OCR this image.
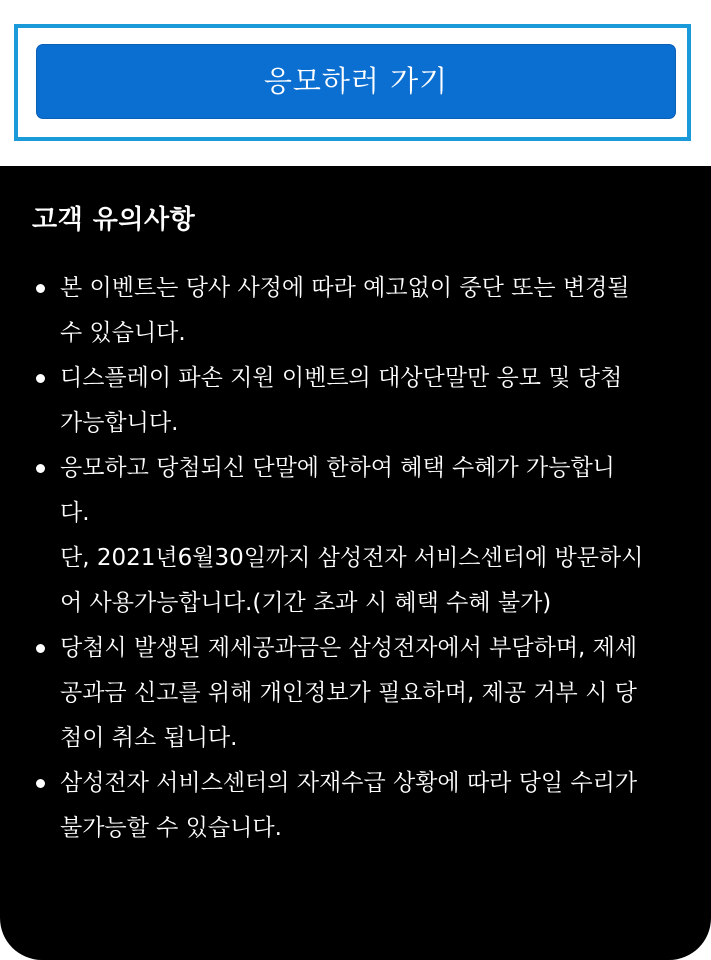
응모하러 가기
고객 유의사항
본 이벤트는 당사 사정에 따라 예고없이 중단 또는 변경될
수 있습니다.
디스플레이 파손 지원 이벤트의 대상단말만 응모 및 당첨
가능합니다.
응모하고 당첨되신 단말에 한하여 혜택 수혜가 가능합니
다.
단, 2021년6월30일까지 삼성전자 서비스센터에 방문하시
어 사용가능합니다.(기간 초과 시 혜택 수혜 불가)
당첨시 발생된 제세공과금은 삼성전자에서 부담하며, 제세
공과금 신고를 위해 개인정보가 필요하며, 제공 거부 시 당
첨이 취소 됩니다.
삼성전자 서비스센터의 자재수급 상황에 따라 당일 수리가
불가능할 수 있습니다.
